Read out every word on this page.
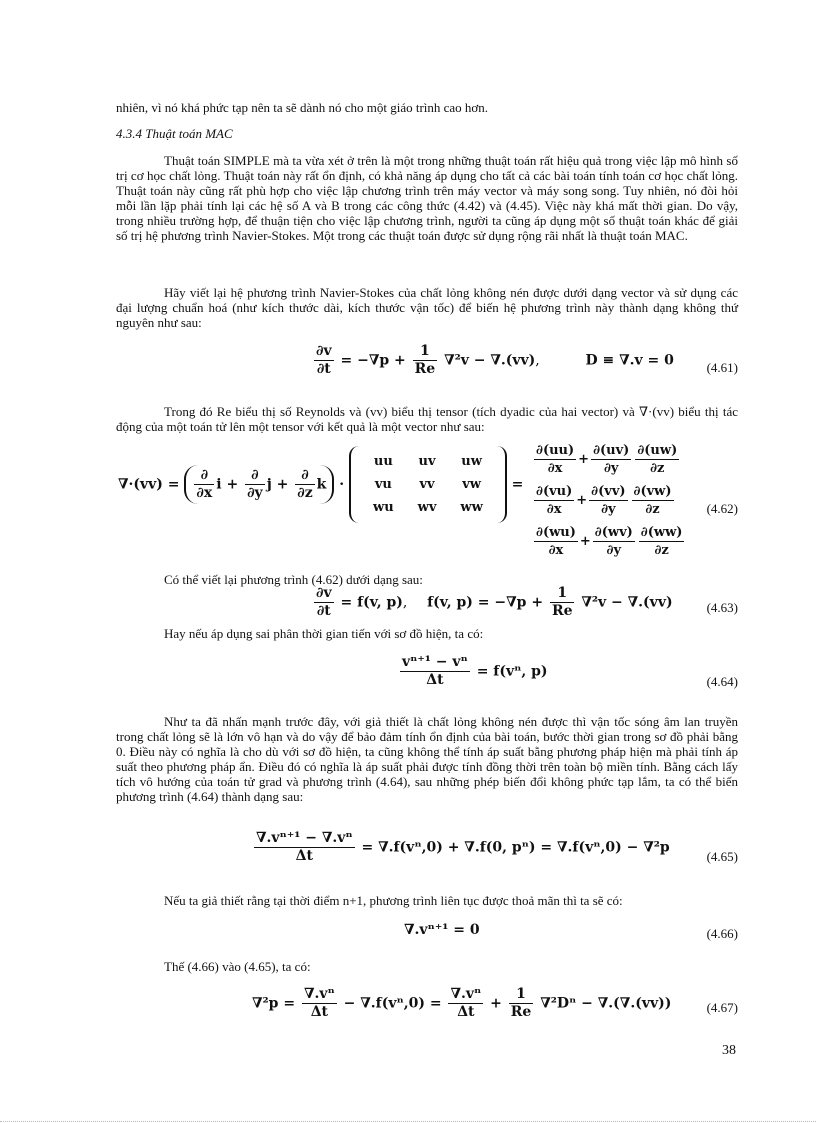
nhiên, vì nó khá phức tạp nên ta sẽ dành nó cho một giáo trình cao hơn.

4.3.4 Thuật toán MAC

Thuật toán SIMPLE mà ta vừa xét ở trên là một trong những thuật toán rất hiệu quả trong việc lập mô hình số trị cơ học chất lỏng. Thuật toán này rất ổn định, có khả năng áp dụng cho tất cả các bài toán tính toán cơ học chất lỏng. Thuật toán này cũng rất phù hợp cho việc lập chương trình trên máy vector và máy song song. Tuy nhiên, nó đòi hỏi mỗi lần lặp phải tính lại các hệ số A và B trong các công thức (4.42) và (4.45). Việc này khá mất thời gian. Do vậy, trong nhiều trường hợp, để thuận tiện cho việc lập chương trình, người ta cũng áp dụng một số thuật toán khác để giải số trị hệ phương trình Navier-Stokes. Một trong các thuật toán được sử dụng rộng rãi nhất là thuật toán MAC.

Hãy viết lại hệ phương trình Navier-Stokes của chất lỏng không nén được dưới dạng vector và sử dụng các đại lượng chuẩn hoá (như kích thước dài, kích thước vận tốc) để biến hệ phương trình này thành dạng không thứ nguyên như sau:

$\frac{\partial v}{\partial t} = -\nabla p + \frac{1}{Re} \nabla^2v - \nabla.(vv)$,	D ≡ ∇.v = 0	(4.61)

Trong đó Re biểu thị số Reynolds và (vv) biểu thị tensor (tích dyadic của hai vector) và ∇·(vv) biểu thị tác động của một toán tử lên một tensor với kết quả là một vector như sau:

$\nabla\cdot(vv) = \frac{\partial}{\partial x}$ $i + \frac{\partial}{\partial y}$ $j + \frac{\partial}{\partial z}$ k ·
uu	uv	uw
vu	vv	vw
wu	wv	ww
=
$\frac{\partial(uu)}{\partial x} + \frac{\partial(uv)}{\partial y} \frac{\partial(uw)}{\partial z}$
$\frac{\partial(vu)}{\partial x} + \frac{\partial(vv)}{\partial y} \frac{\partial(vw)}{\partial z}$
$\frac{\partial(wu)}{\partial x} + \frac{\partial(wv)}{\partial y} \frac{\partial(ww)}{\partial z}$
(4.62)

Có thể viết lại phương trình (4.62) dưới dạng sau:

$\frac{\partial v}{\partial t} = f(v$, p), f(v, $p) = -\nabla p + \frac{1}{Re} \nabla^2v - \nabla.(vv)$	(4.63)

Hay nếu áp dụng sai phân thời gian tiến với sơ đồ hiện, ta có:

$\frac{\text{vⁿ⁺¹ − vⁿ}}{\Delta t} = f(v^n$, p)
(4.64)

Như ta đã nhấn mạnh trước đây, với giả thiết là chất lỏng không nén được thì vận tốc sóng âm lan truyền trong chất lỏng sẽ là lớn vô hạn và do vậy để bảo đảm tính ổn định của bài toán, bước thời gian trong sơ đồ phải bằng 0. Điều này có nghĩa là cho dù với sơ đồ hiện, ta cũng không thể tính áp suất bằng phương pháp hiện mà phải tính áp suất theo phương pháp ẩn. Điều đó có nghĩa là áp suất phải được tính đồng thời trên toàn bộ miền tính. Bằng cách lấy tích vô hướng của toán tử grad và phương trình (4.64), sau những phép biến đổi không phức tạp lắm, ta có thể biến phương trình (4.64) thành dạng sau:

$\frac{\text{∇.vⁿ⁺¹ − ∇.vⁿ}}{\Delta t} = \nabla.f(v^n,0) + \nabla.f(0$, pⁿ) = ∇.f(vⁿ,0) − ∇²p
(4.65)

Nếu ta giả thiết rằng tại thời điểm n+1, phương trình liên tục được thoả mãn thì ta sẽ có:

∇.vⁿ⁺¹ = 0	(4.66)

Thế (4.66) vào (4.65), ta có:

$\nabla^2p = \frac{\text{∇.vⁿ}}{\Delta t} - \nabla.f(v^n,0) = \frac{\text{∇.vⁿ}}{\Delta t} + \frac{1}{Re} \nabla^2D^n - \nabla.(\nabla.(vv))$	(4.67)
38
